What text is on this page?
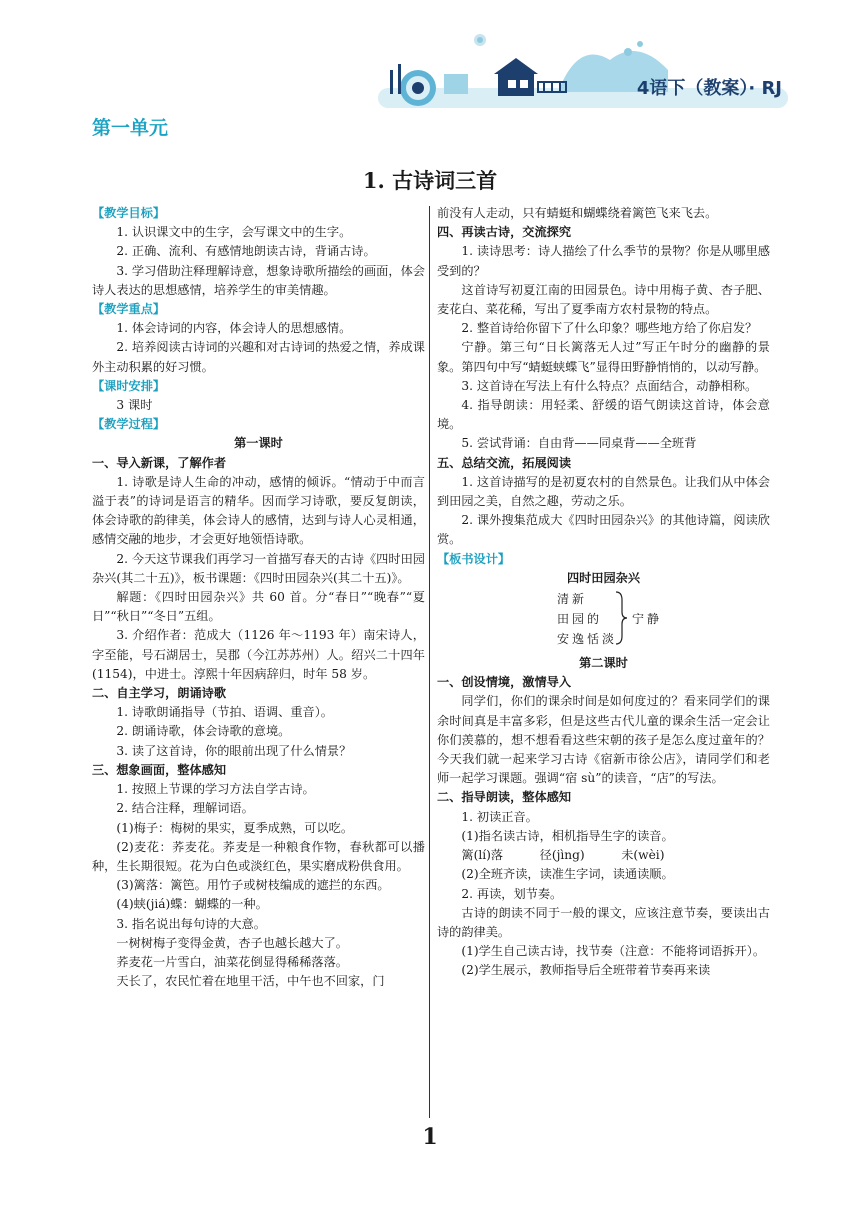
4语下（教案）· RJ
第一单元
1. 古诗词三首

【教学目标】

1. 认识课文中的生字，会写课文中的生字。

2. 正确、流利、有感情地朗读古诗，背诵古诗。

3. 学习借助注释理解诗意，想象诗歌所描绘的画面，体会诗人表达的思想感情，培养学生的审美情趣。

【教学重点】

1. 体会诗词的内容，体会诗人的思想感情。

2. 培养阅读古诗词的兴趣和对古诗词的热爱之情，养成课外主动积累的好习惯。

【课时安排】

3 课时

【教学过程】

第一课时

一、导入新课，了解作者

1. 诗歌是诗人生命的冲动，感情的倾诉。“情动于中而言溢于表”的诗词是语言的精华。因而学习诗歌，要反复朗读，体会诗歌的韵律美，体会诗人的感情，达到与诗人心灵相通，感情交融的地步，才会更好地领悟诗歌。

2. 今天这节课我们再学习一首描写春天的古诗《四时田园杂兴(其二十五)》，板书课题：《四时田园杂兴(其二十五)》。

解题：《四时田园杂兴》共 60 首。分“春日”“晚春”“夏日”“秋日”“冬日”五组。

3. 介绍作者：范成大（1126 年～1193 年）南宋诗人，字至能，号石湖居士，吴郡（今江苏苏州）人。绍兴二十四年(1154)，中进士。淳熙十年因病辞归，时年 58 岁。

二、自主学习，朗诵诗歌

1. 诗歌朗诵指导（节拍、语调、重音）。

2. 朗诵诗歌，体会诗歌的意境。

3. 读了这首诗，你的眼前出现了什么情景？

三、想象画面，整体感知

1. 按照上节课的学习方法自学古诗。

2. 结合注释，理解词语。

(1)梅子：梅树的果实，夏季成熟，可以吃。

(2)麦花：荞麦花。荞麦是一种粮食作物，春秋都可以播种，生长期很短。花为白色或淡红色，果实磨成粉供食用。

(3)篱落：篱笆。用竹子或树枝编成的遮拦的东西。

(4)蛱(jiá)蝶：蝴蝶的一种。

3. 指名说出每句诗的大意。

一树树梅子变得金黄，杏子也越长越大了。

荞麦花一片雪白，油菜花倒显得稀稀落落。

天长了，农民忙着在地里干活，中午也不回家，门

前没有人走动，只有蜻蜓和蝴蝶绕着篱笆飞来飞去。

四、再读古诗，交流探究

1. 读诗思考：诗人描绘了什么季节的景物？你是从哪里感受到的？

这首诗写初夏江南的田园景色。诗中用梅子黄、杏子肥、麦花白、菜花稀，写出了夏季南方农村景物的特点。

2. 整首诗给你留下了什么印象？哪些地方给了你启发？

宁静。第三句“日长篱落无人过”写正午时分的幽静的景象。第四句中写“蜻蜓蛱蝶飞”显得田野静悄悄的，以动写静。

3. 这首诗在写法上有什么特点？点面结合，动静相称。

4. 指导朗读：用轻柔、舒缓的语气朗读这首诗，体会意境。

5. 尝试背诵：自由背——同桌背——全班背

五、总结交流，拓展阅读

1. 这首诗描写的是初夏农村的自然景色。让我们从中体会到田园之美，自然之趣，劳动之乐。

2. 课外搜集范成大《四时田园杂兴》的其他诗篇，阅读欣赏。

【板书设计】

四时田园杂兴

清新
田园的
安逸恬淡
宁静

第二课时

一、创设情境，激情导入

同学们，你们的课余时间是如何度过的？看来同学们的课余时间真是丰富多彩，但是这些古代儿童的课余生活一定会让你们羡慕的，想不想看看这些宋朝的孩子是怎么度过童年的？今天我们就一起来学习古诗《宿新市徐公店》，请同学们和老师一起学习课题。强调“宿 sù”的读音，“店”的写法。

二、指导朗读，整体感知

1. 初读正音。

(1)指名读古诗，相机指导生字的读音。

篱(lí)落　　　径(jìng)　　　未(wèi)

(2)全班齐读，读准生字词，读通读顺。

2. 再读，划节奏。

古诗的朗读不同于一般的课文，应该注意节奏，要读出古诗的韵律美。

(1)学生自己读古诗，找节奏（注意：不能将词语拆开）。

(2)学生展示，教师指导后全班带着节奏再来读

1
